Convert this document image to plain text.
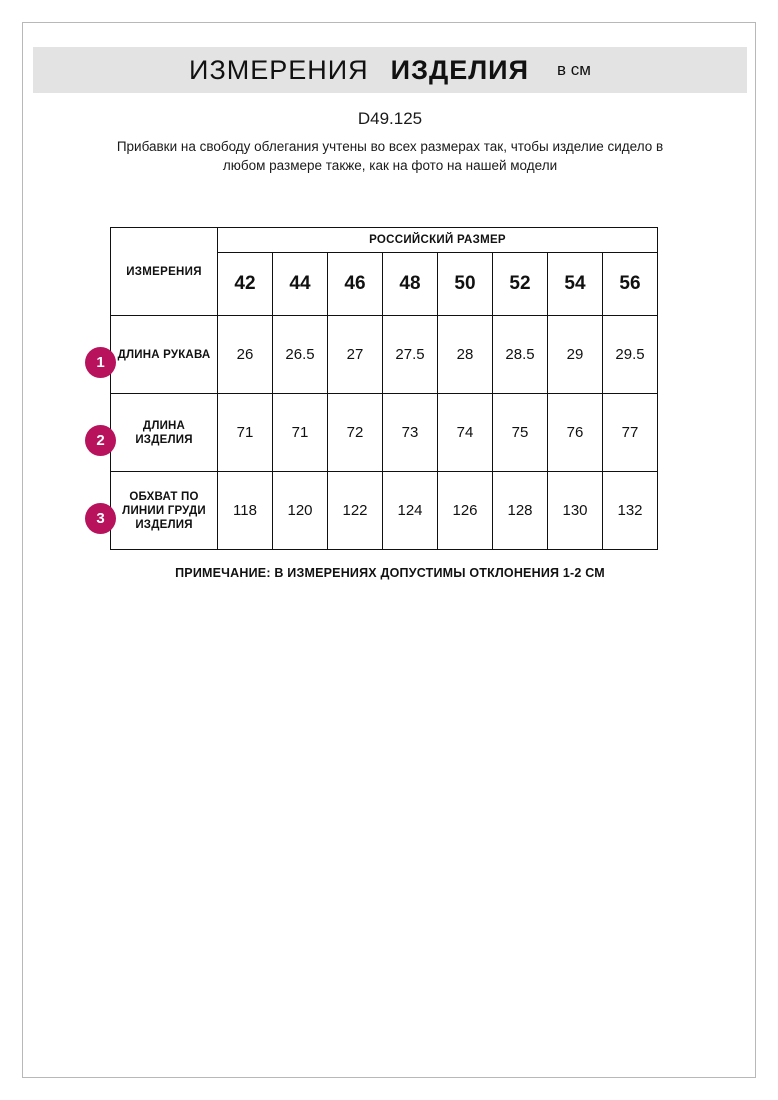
ИЗМЕРЕНИЯ ИЗДЕЛИЯ в см
D49.125
Прибавки на свободу облегания учтены во всех размерах так, чтобы изделие сидело в любом размере также, как на фото на нашей модели
1
2
3
ИЗМЕРЕНИЯ	РОССИЙСКИЙ РАЗМЕР							
	42	44	46	48	50	52	54	56
ДЛИНА РУКАВА	26	26.5	27	27.5	28	28.5	29	29.5
ДЛИНА ИЗДЕЛИЯ	71	71	72	73	74	75	76	77
ОБХВАТ ПО ЛИНИИ ГРУДИ ИЗДЕЛИЯ	118	120	122	124	126	128	130	132
ПРИМЕЧАНИЕ: В ИЗМЕРЕНИЯХ ДОПУСТИМЫ ОТКЛОНЕНИЯ 1-2 СМ
